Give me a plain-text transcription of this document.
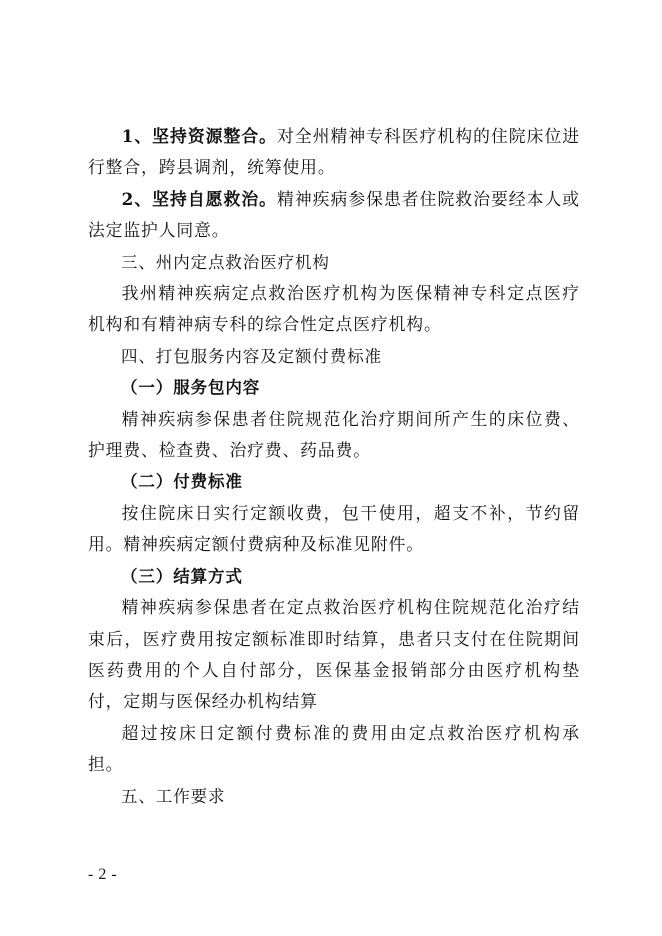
1、坚持资源整合。对全州精神专科医疗机构的住院床位进行整合，跨县调剂，统筹使用。

2、坚持自愿救治。精神疾病参保患者住院救治要经本人或法定监护人同意。

三、州内定点救治医疗机构

我州精神疾病定点救治医疗机构为医保精神专科定点医疗机构和有精神病专科的综合性定点医疗机构。

四、打包服务内容及定额付费标准

（一）服务包内容

精神疾病参保患者住院规范化治疗期间所产生的床位费、护理费、检查费、治疗费、药品费。

（二）付费标准

按住院床日实行定额收费，包干使用，超支不补，节约留用。精神疾病定额付费病种及标准见附件。

（三）结算方式

精神疾病参保患者在定点救治医疗机构住院规范化治疗结束后，医疗费用按定额标准即时结算，患者只支付在住院期间医药费用的个人自付部分，医保基金报销部分由医疗机构垫付，定期与医保经办机构结算

超过按床日定额付费标准的费用由定点救治医疗机构承担。

五、工作要求

- 2 -
